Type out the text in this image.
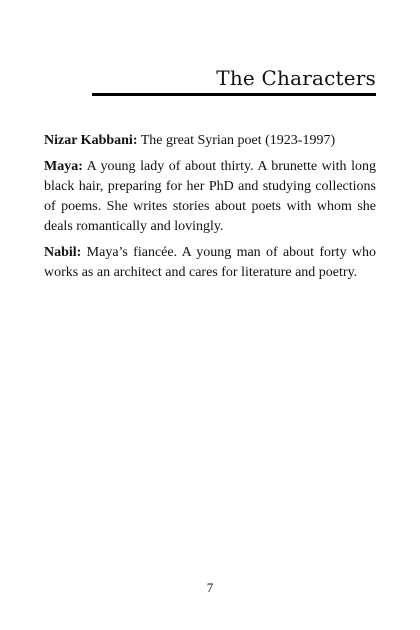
The Characters

Nizar Kabbani: The great Syrian poet (1923-1997)

Maya: A young lady of about thirty. A brunette with long black hair, preparing for her PhD and studying collections of poems. She writes stories about poets with whom she deals romantically and lovingly.

Nabil: Maya’s fiancée. A young man of about forty who works as an architect and cares for literature and poetry.

7
